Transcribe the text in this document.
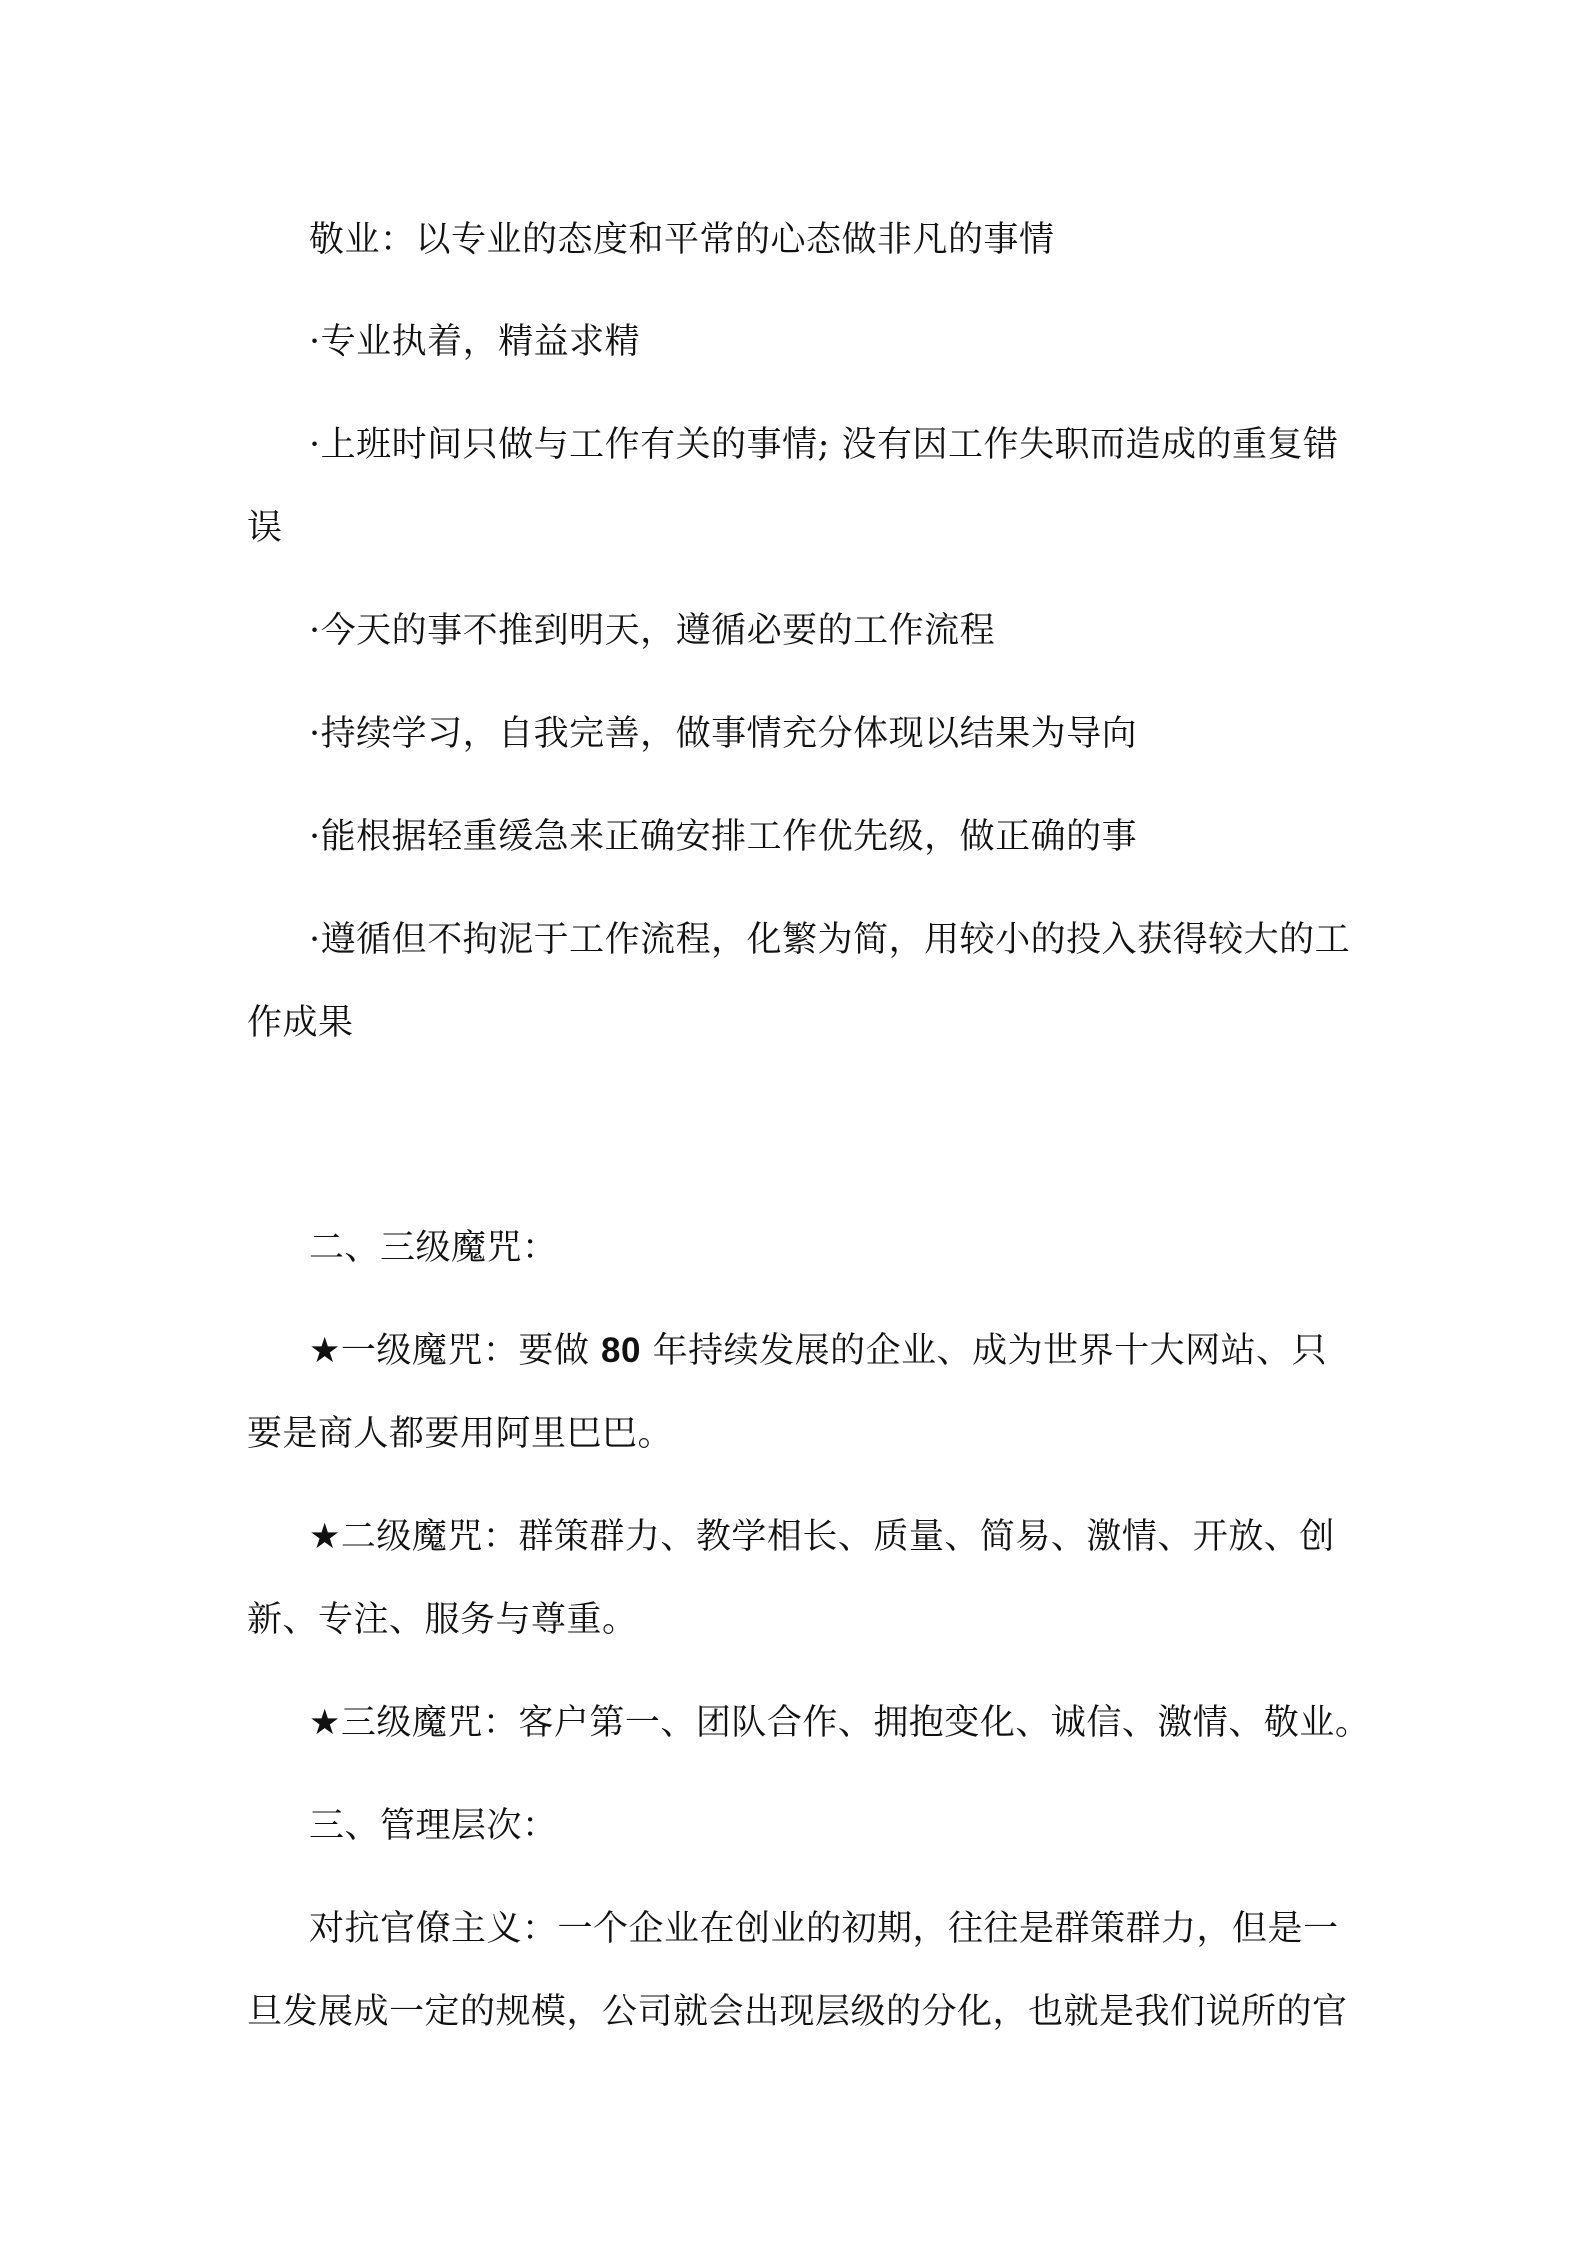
敬业：以专业的态度和平常的心态做非凡的事情
·专业执着，精益求精
·上班时间只做与工作有关的事情; 没有因工作失职而造成的重复错
误
·今天的事不推到明天，遵循必要的工作流程
·持续学习，自我完善，做事情充分体现以结果为导向
·能根据轻重缓急来正确安排工作优先级，做正确的事
·遵循但不拘泥于工作流程，化繁为简，用较小的投入获得较大的工
作成果
二、三级魔咒：
★一级魔咒：要做 80 年持续发展的企业、成为世界十大网站、只
要是商人都要用阿里巴巴。
★二级魔咒：群策群力、教学相长、质量、简易、激情、开放、创
新、专注、服务与尊重。
★三级魔咒：客户第一、团队合作、拥抱变化、诚信、激情、敬业。
三、管理层次：
对抗官僚主义：一个企业在创业的初期，往往是群策群力，但是一
旦发展成一定的规模，公司就会出现层级的分化，也就是我们说所的官
